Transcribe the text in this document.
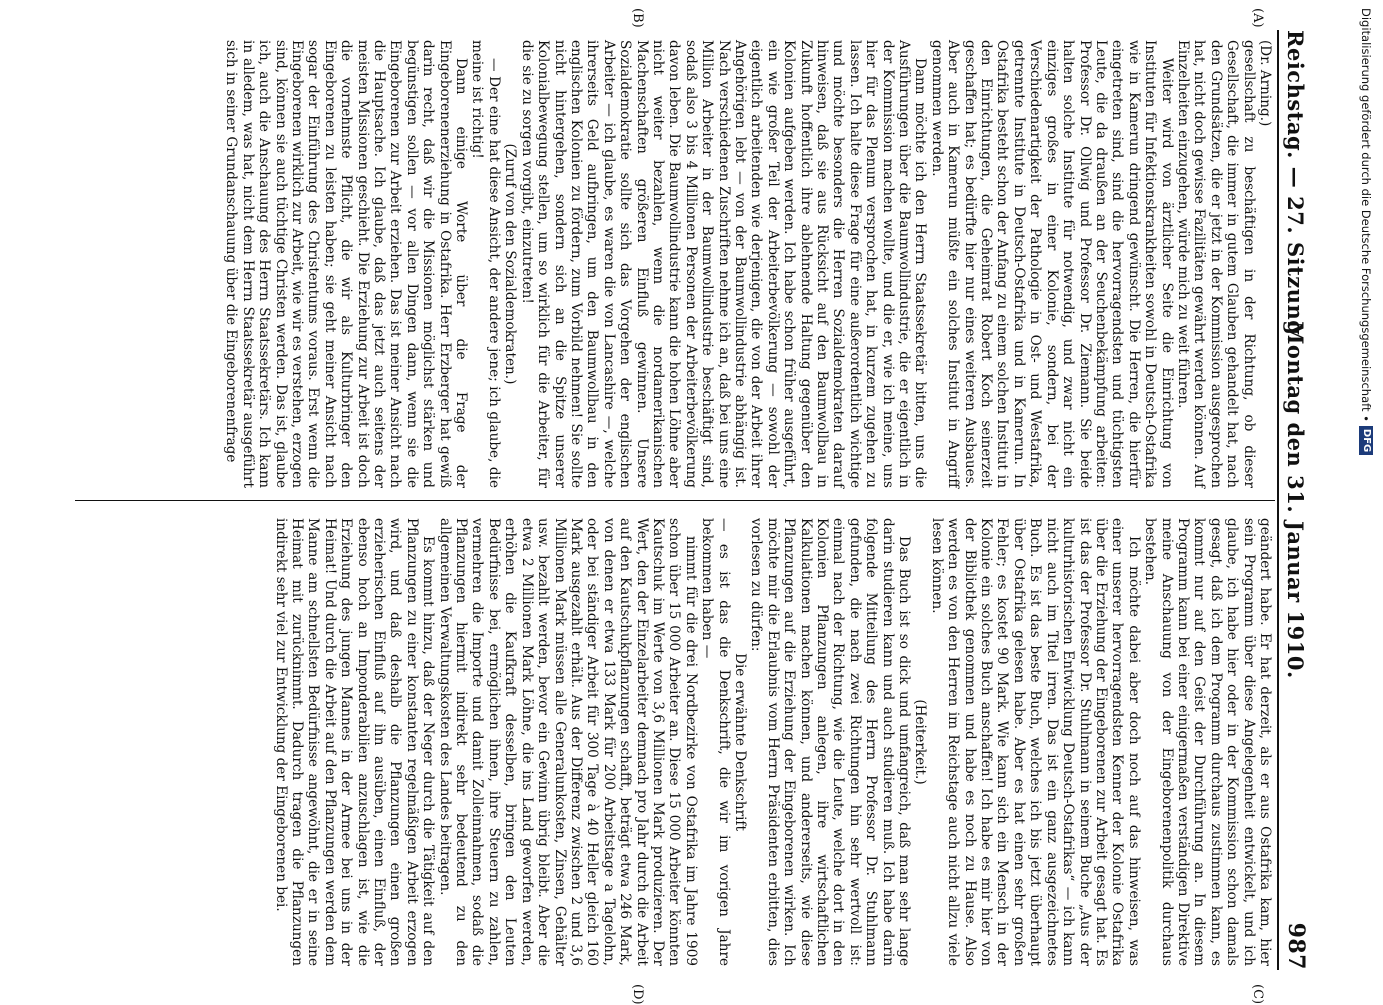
Reichstag. — 27. Sitzung.
Montag den 31. Januar 1910.
987
(A)
(B)
(C)
(D)

(Dr. Arning.)

gesellschaft zu beschäftigen in der Richtung, ob dieser Gesellschaft, die immer in gutem Glauben gehandelt hat, nach den Grundsätzen, die er jetzt in der Kommission ausgesprochen hat, nicht doch gewisse Fazilitäten gewährt werden können. Auf Einzelheiten einzugehen, würde mich zu weit führen.

Weiter wird von ärztlicher Seite die Einrichtung von Instituten für Infektionskrankheiten sowohl in Deutsch-Ostafrika wie in Kamerun dringend gewünscht. Die Herren, die hierfür eingetreten sind, sind die hervorragendsten und tüchtigsten Leute, die da draußen an der Seuchenbekämpfung arbeiten: Professor Dr. Ollwig und Professor Dr. Ziemann. Sie beide halten solche Institute für notwendig, und zwar nicht ein einziges großes in einer Kolonie, sondern, bei der Verschiedenartigkeit der Pathologie in Ost- und Westafrika, getrennte Institute in Deutsch-Ostafrika und in Kamerun. In Ostafrika besteht schon der Anfang zu einem solchen Institut in den Einrichtungen, die Geheimrat Robert Koch seinerzeit geschaffen hat; es bedürfte hier nur eines weiteren Ausbaues. Aber auch in Kamerun müßte ein solches Institut in Angriff genommen werden.

Dann möchte ich den Herrn Staatssekretär bitten, uns die Ausführungen über die Baumwollindustrie, die er eigentlich in der Kommission machen wollte, und die er, wie ich meine, uns hier für das Plenum versprochen hat, in kurzem zugehen zu lassen. Ich halte diese Frage für eine außerordentlich wichtige und möchte besonders die Herren Sozialdemokraten darauf hinweisen, daß sie aus Rücksicht auf den Baumwollbau in Zukunft hoffentlich ihre ablehnende Haltung gegenüber den Kolonien aufgeben werden. Ich habe schon früher ausgeführt, ein wie großer Teil der Arbeiterbevölkerung — sowohl der eigentlich arbeitenden wie derjenigen, die von der Arbeit ihrer Angehörigen lebt — von der Baumwollindustrie abhängig ist. Nach verschiedenen Zuschriften nehme ich an, daß bei uns eine Million Arbeiter in der Baumwollindustrie beschäftigt sind, sodaß also 3 bis 4 Millionen Personen der Arbeiterbevölkerung davon leben. Die Baumwollindustrie kann die hohen Löhne aber nicht weiter bezahlen, wenn die nordamerikanischen Machenschaften größeren Einfluß gewinnen. Unsere Sozialdemokratie sollte sich das Vorgehen der englischen Arbeiter — ich glaube, es waren die von Lancashire —, welche ihrerseits Geld aufbringen, um den Baumwollbau in den englischen Kolonien zu fördern, zum Vorbild nehmen! Sie sollte nicht hintergehen, sondern sich an die Spitze unserer Kolonialbewegung stellen, um so wirklich für die Arbeiter, für die sie zu sorgen vorgibt, einzutreten!

(Zuruf von den Sozialdemokraten.)

— Der eine hat diese Ansicht, der andere jene; ich glaube, die meine ist richtig!

Dann einige Worte über die Frage der Eingeborenenerziehung in Ostafrika. Herr Erzberger hat gewiß darin recht, daß wir die Missionen möglichst stärken und begünstigen sollen — vor allen Dingen dann, wenn sie die Eingeborenen zur Arbeit erziehen. Das ist meiner Ansicht nach die Hauptsache. Ich glaube, daß das jetzt auch seitens der meisten Missionen geschieht. Die Erziehung zur Arbeit ist doch die vornehmste Pflicht, die wir als Kulturbringer den Eingeborenen zu leisten haben; sie geht meiner Ansicht nach sogar der Einführung des Christentums voraus. Erst wenn die Eingeborenen wirklich zur Arbeit, wie wir es verstehen, erzogen sind, können sie auch tüchtige Christen werden. Das ist, glaube ich, auch die Anschauung des Herrn Staatssekretärs. Ich kann in alledem, was hat, nicht dem Herrn Staatssekretär ausgeführt sich in seiner Grundanschauung über die Eingeborenenfrage

geändert habe. Er hat derzeit, als er aus Ostafrika kam, hier sein Programm über diese Angelegenheit entwickelt, und ich glaube, ich habe hier oder in der Kommission schon damals gesagt, daß ich dem Programm durchaus zustimmen kann, es kommt nur auf den Geist der Durchführung an. In diesem Programm kann bei einer einigermaßen verständigen Direktive meine Anschauung von der Eingeborenenpolitik durchaus bestehen.

Ich möchte dabei aber doch noch auf das hinweisen, was einer unserer hervorragendsten Kenner der Kolonie Ostafrika über die Erziehung der Eingeborenen zur Arbeit gesagt hat. Es ist das der Professor Dr. Stuhlmann in seinem Buche „Aus der kulturhistorischen Entwicklung Deutsch-Ostafrikas“ — ich kann nicht auch im Titel irren. Das ist ein ganz ausgezeichnetes Buch. Es ist das beste Buch, welches ich bis jetzt überhaupt über Ostafrika gelesen habe. Aber es hat einen sehr großen Fehler; es kostet 90 Mark. Wie kann sich ein Mensch in der Kolonie ein solches Buch anschaffen! Ich habe es mir hier von der Bibliothek genommen und habe es noch zu Hause. Also werden es von den Herren im Reichstage auch nicht allzu viele lesen können.

(Heiterkeit.)

Das Buch ist so dick und umfangreich, daß man sehr lange darin studieren kann und auch studieren muß. Ich habe darin folgende Mitteilung des Herrn Professor Dr. Stuhlmann gefunden, die nach zwei Richtungen hin sehr wertvoll ist: einmal nach der Richtung, wie die Leute, welche dort in den Kolonien Pflanzungen anlegen, ihre wirtschaftlichen Kalkulationen machen können, und andererseits, wie diese Pflanzungen auf die Erziehung der Eingeborenen wirken. Ich möchte mir die Erlaubnis vom Herrn Präsidenten erbitten, dies vorlesen zu dürfen:

Die erwähnte Denkschrift

— es ist das die Denkschrift, die wir im vorigen Jahre bekommen haben —

nimmt für die drei Nordbezirke von Ostafrika im Jahre 1909 schon über 15 000 Arbeiter an. Diese 15 000 Arbeiter könnten Kautschuk im Werte von 3,6 Millionen Mark produzieren. Der Wert, den der Einzelarbeiter demnach pro Jahr durch die Arbeit auf den Kautschukpflanzungen schafft, beträgt etwa 246 Mark, von denen er etwa 133 Mark für 200 Arbeitstage a Tagelohn, oder bei ständiger Arbeit für 300 Tage à 40 Heller gleich 160 Mark ausgezahlt erhält. Aus der Differenz zwischen 2 und 3,6 Millionen Mark müssen alle Generalunkosten, Zinsen, Gehälter usw. bezahlt werden, bevor ein Gewinn übrig bleibt. Aber die etwa 2 Millionen Mark Löhne, die ins Land geworfen werden, erhöhen die Kaufkraft desselben, bringen den Leuten Bedürfnisse bei, ermöglichen ihnen, ihre Steuern zu zahlen, vermehren die Importe und damit Zolleinnahmen, sodaß die Pflanzungen hiermit indirekt sehr bedeutend zu den allgemeinen Verwaltungskosten des Landes beitragen.

Es kommt hinzu, daß der Neger durch die Tätigkeit auf den Pflanzungen zu einer konstanten regelmäßigen Arbeit erzogen wird, und daß deshalb die Pflanzungen einen großen erzieherischen Einfluß auf ihn ausüben, einen Einfluß, der ebenso hoch an Imponderabilien anzuschlagen ist, wie die Erziehung des jungen Mannes in der Armee bei uns in der Heimat! Und durch die Arbeit auf den Pflanzungen werden dem Manne am schnellsten Bedürfnisse angewöhnt, die er in seine Heimat mit zurücknimmt. Dadurch tragen die Pflanzungen indirekt sehr viel zur Entwicklung der Eingeborenen bei.

Digitalisierung gefördert durch die Deutsche Forschungsgemeinschaft •
DFG
